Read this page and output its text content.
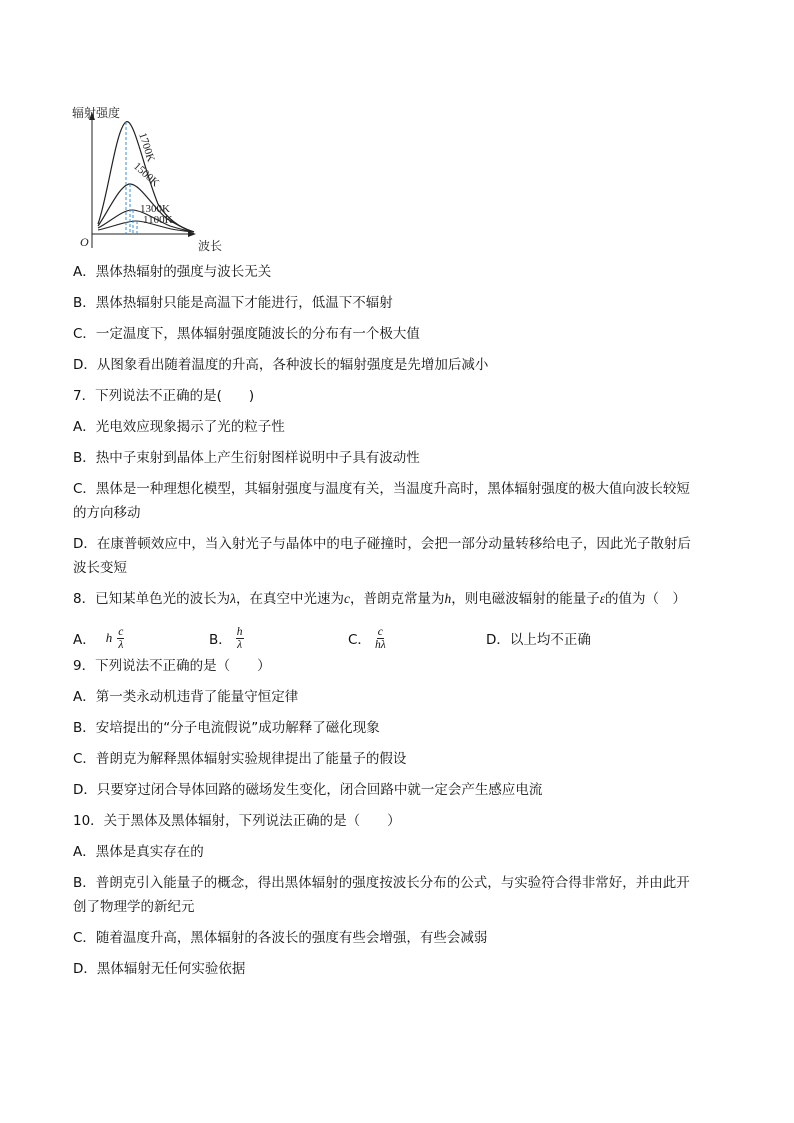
辐射强度
波长
O
1700K
1500K
1300K
1100K
A．黑体热辐射的强度与波长无关
B．黑体热辐射只能是高温下才能进行，低温下不辐射
C．一定温度下，黑体辐射强度随波长的分布有一个极大值
D．从图象看出随着温度的升高，各种波长的辐射强度是先增加后减小
7．下列说法不正确的是(　　)
A．光电效应现象揭示了光的粒子性
B．热中子束射到晶体上产生衍射图样说明中子具有波动性
C．黑体是一种理想化模型，其辐射强度与温度有关，当温度升高时，黑体辐射强度的极大值向波长较短
的方向移动
D．在康普顿效应中，当入射光子与晶体中的电子碰撞时，会把一部分动量转移给电子，因此光子散射后
波长变短
8．已知某单色光的波长为λ，在真空中光速为c，普朗克常量为h，则电磁波辐射的能量子ε的值为（　）
A． h $\frac{c}{\lambda}$	B． $\frac{h}{\lambda}$	C． $\frac{c}{h\lambda}$	D．以上均不正确
9．下列说法不正确的是（　　）
A．第一类永动机违背了能量守恒定律
B．安培提出的“分子电流假说”成功解释了磁化现象
C．普朗克为解释黑体辐射实验规律提出了能量子的假设
D．只要穿过闭合导体回路的磁场发生变化，闭合回路中就一定会产生感应电流
10．关于黑体及黑体辐射，下列说法正确的是（　　）
A．黑体是真实存在的
B．普朗克引入能量子的概念，得出黑体辐射的强度按波长分布的公式，与实验符合得非常好，并由此开
创了物理学的新纪元
C．随着温度升高，黑体辐射的各波长的强度有些会增强，有些会减弱
D．黑体辐射无任何实验依据
